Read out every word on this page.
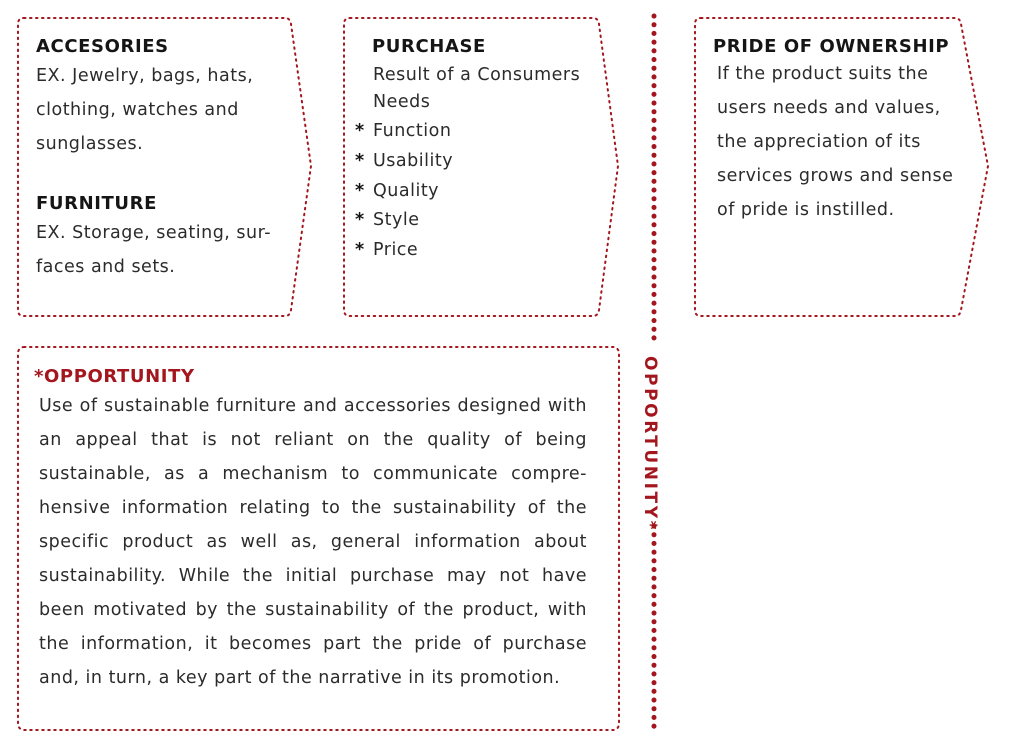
ACCESORIES
EX. Jewelry, bags, hats, clothing, watches and sunglasses.
FURNITURE
EX. Storage, seating, sur-faces and sets.
PURCHASE
Result of a Consumers Needs
* Function
* Usability
* Quality
* Style
* Price
PRIDE OF OWNERSHIP
If the product suits the users needs and values, the appreciation of its services grows and sense of pride is instilled.
*OPPORTUNITY
Use of sustainable furniture and accessories designed with an appeal that is not reliant on the quality of being sustainable, as a mechanism to communicate compre-hensive information relating to the sustainability of the specific product as well as, general information about sustainability. While the initial purchase may not have been motivated by the sustainability of the product, with the information, it becomes part the pride of purchase and, in turn, a key part of the narrative in its promotion.
OPPORTUNITY*
